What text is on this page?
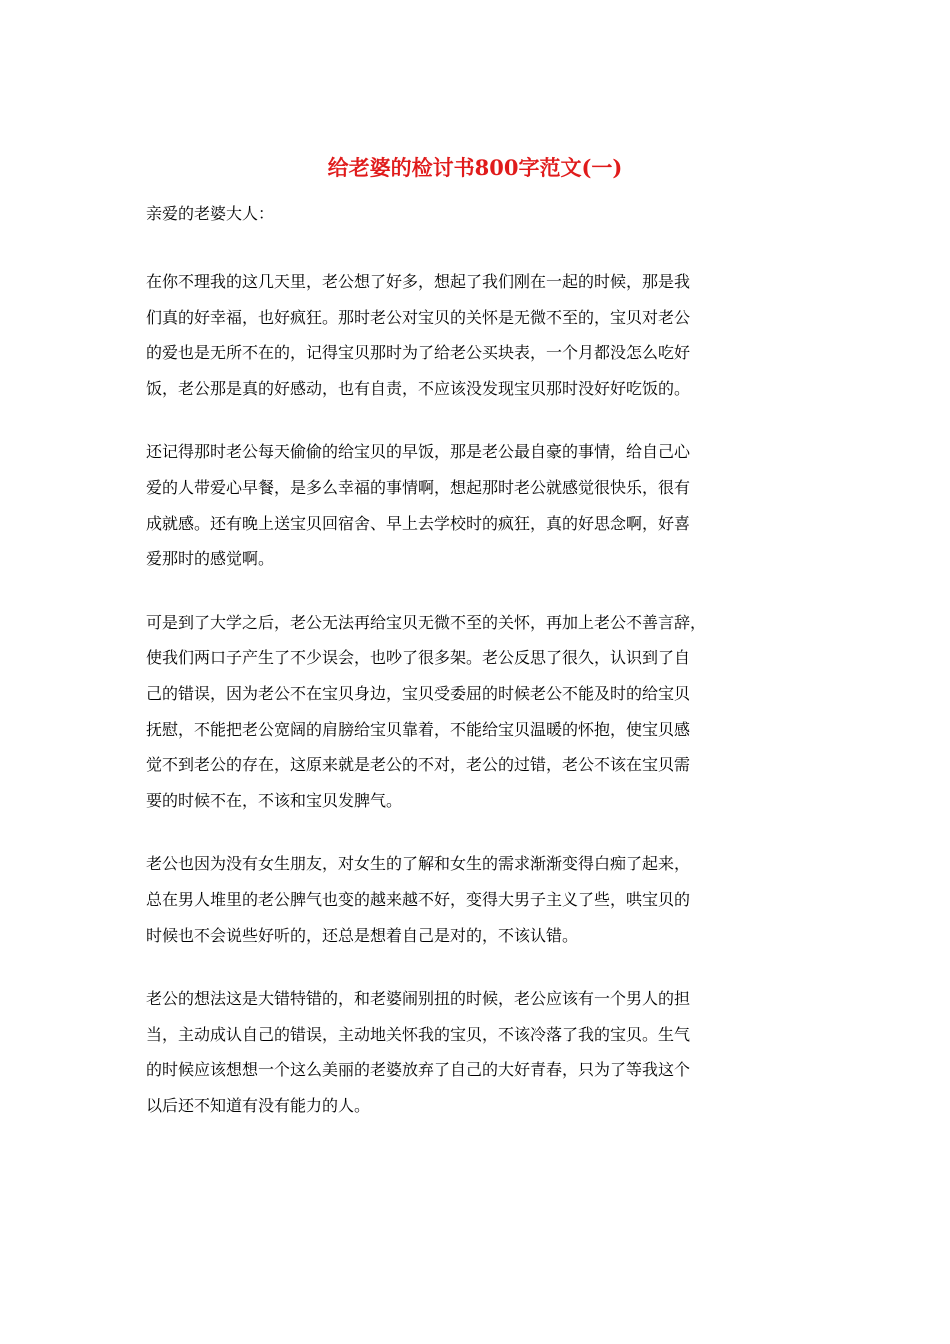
给老婆的检讨书800字范文(一)

亲爱的老婆大人：

在你不理我的这几天里，老公想了好多，想起了我们刚在一起的时候，那是我
们真的好幸福，也好疯狂。那时老公对宝贝的关怀是无微不至的，宝贝对老公
的爱也是无所不在的，记得宝贝那时为了给老公买块表，一个月都没怎么吃好
饭，老公那是真的好感动，也有自责，不应该没发现宝贝那时没好好吃饭的。
还记得那时老公每天偷偷的给宝贝的早饭，那是老公最自豪的事情，给自己心
爱的人带爱心早餐，是多么幸福的事情啊，想起那时老公就感觉很快乐，很有
成就感。还有晚上送宝贝回宿舍、早上去学校时的疯狂，真的好思念啊，好喜
爱那时的感觉啊。
可是到了大学之后，老公无法再给宝贝无微不至的关怀，再加上老公不善言辞，
使我们两口子产生了不少误会，也吵了很多架。老公反思了很久，认识到了自
己的错误，因为老公不在宝贝身边，宝贝受委屈的时候老公不能及时的给宝贝
抚慰，不能把老公宽阔的肩膀给宝贝靠着，不能给宝贝温暖的怀抱，使宝贝感
觉不到老公的存在，这原来就是老公的不对，老公的过错，老公不该在宝贝需
要的时候不在，不该和宝贝发脾气。
老公也因为没有女生朋友，对女生的了解和女生的需求渐渐变得白痴了起来，
总在男人堆里的老公脾气也变的越来越不好，变得大男子主义了些，哄宝贝的
时候也不会说些好听的，还总是想着自己是对的，不该认错。
老公的想法这是大错特错的，和老婆闹别扭的时候，老公应该有一个男人的担
当，主动成认自己的错误，主动地关怀我的宝贝，不该冷落了我的宝贝。生气
的时候应该想想一个这么美丽的老婆放弃了自己的大好青春，只为了等我这个
以后还不知道有没有能力的人。
